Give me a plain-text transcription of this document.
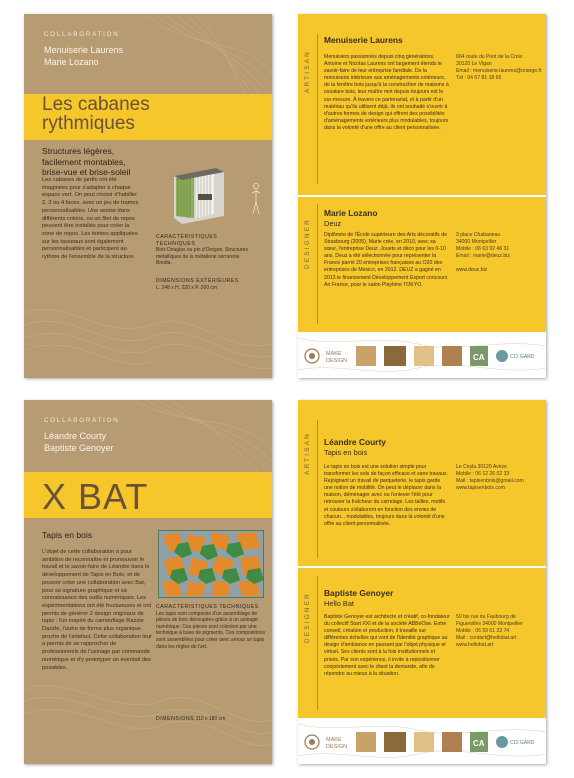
COLLABORATION
Menuiserie Laurens
Marie Lozano
Les cabanes
rythmiques
Structures légères,
facilement montables,
brise-vue et brise-soleil
Les cabanes de jardin ont été imaginées pour s'adapter à chaque espace vert. On peut choisir d'habiller 2, 3 ou 4 faces, avec un jeu de trames personnalisables. Une assise dans différents coloris, ou un filet de repos peuvent être installés pour créer la zone de repos. Les teintes appliquées sur les tasseaux sont également personnalisables et participent au rythme de l'ensemble de la structure.
CARACTÉRISTIQUES TECHNIQUES
Bois Douglas ou pin d'Oregon. Structures métalliques de la métallerie serrurerie Bredia.
DIMENSIONS EXTÉRIEURES
L. 248 x H. 220 x P. 200 cm
ARTISAN
DESIGNER
Menuiserie Laurens
Menuisiers passionnés depuis cinq générations, Antoine et Nicolas Laurens ont largement étendu le savoir-faire de leur entreprise familiale. De la menuiserie intérieure aux aménagements extérieurs, de la fenêtre bois jusqu'à la construction de maisons à ossature bois, leur maître mot depuis toujours est le sur-mesure. À travers ce partenariat, et à partir d'un matériau qu'ils utilisent déjà, ils ont souhaité s'ouvrir à d'autres formes de design qui offrent des possibilités d'aménagements extérieurs plus modulables, toujours dans la volonté d'une offre au client personnalisée.
664 route du Pont de la Croix
30120 Le Vigan
Email : menuiserie.laurens@orange.fr
Tél : 04 67 81 18 66
Marie Lozano
Deuz
Diplômée de l'École supérieure des Arts décoratifs de Strasbourg (2005), Marie crée, en 2010, avec sa sœur, l'entreprise Deuz. Jouets et déco pour les 0-10 ans. Deuz a été sélectionnée pour représenter la France parmi 20 entreprises françaises au O20 des entreprises de Mexico, en 2012. DEUZ a gagné en 2013 le financement Développement Export concours Air France, pour le salon Playtime TOKYO.
3 place Chabaneau
34000 Montpellier
Mobile : 06 63 92 46 31
Email : marie@deuz.biz

www.deuz.biz
MAKE
DESIGN	CA	CCI GARD
COLLABORATION
Léandre Courty
Baptiste Genoyer
X BAT
Tapis en bois
L'objet de cette collaboration a pour ambition de reconnaître et promouvoir le travail et le savoir-faire de Léandre dans le développement de Tapis en Bois, et de pouvoir créer une collaboration avec Bat, pour sa signature graphique et sa connaissance des outils numériques. Les expérimentations ont été fructueuses et ont permis de générer 2 design originaux de tapis : l'un inspiré du camouflage Razzle Dazzle, l'autre de forme plus organique proche de l'artefact. Cette collaboration leur a permis de se rapprocher de professionnels de l'usinage par commande numérique et d'y prototyper un éventail des possibles.
CARACTÉRISTIQUES TECHNIQUES
Les tapis sont composés d'un assemblage de pièces de bois découpées grâce à un usinage numérique. Ces pièces sont colorées par une technique à base de pigments. Ces compositions sont assemblées pour créer avec amour un tapis dans les règles de l'art.
DIMENSIONS 110 x 180 cm
ARTISAN
DESIGNER
Léandre Courty
Tapis en bois
Le tapis en bois est une solution simple pour transformer les sols de façon efficace et sans travaux. Rejoignant un travail de parqueterie, le tapis garde une notion de mobilité. On peut le déplacer dans la maison, déménager avec ou l'enlever l'été pour retrouver la fraîcheur du carrelage. Les tailles, motifs et couleurs s'élaborent en fonction des envies de chacun... modulables, toujours dans la volonté d'une offre au client personnalisée.
Le Coyla 30120 Avèze
Mobile : 06 12 26 02 33
Mail : tapisenbois@gmail.com
www.tapisenbois.com
Baptiste Genoyer
Hello Bat
Baptiste Genoyer est architecte et créatif, co-fondateur du collectif Start XXI et de la société ABBéOse. Entre conseil, création et production, il travaille sur différentes échelles qui vont de l'identité graphique au design d'ambiance en passant par l'objet physique et virtuel. Ses clients sont à la fois institutionnels et privés. Par son expérience, il invite à repositionner conjointement avec le client la demande, afin de répondre au mieux à la situation.
50 bis rue du Faubourg de
Figuerolles 34000 Montpellier
Mobile : 06 59 61 33 74
Mail : contact@hellobat.art
www.hellobat.art
MAKE
DESIGN	CA	CCI GARD
